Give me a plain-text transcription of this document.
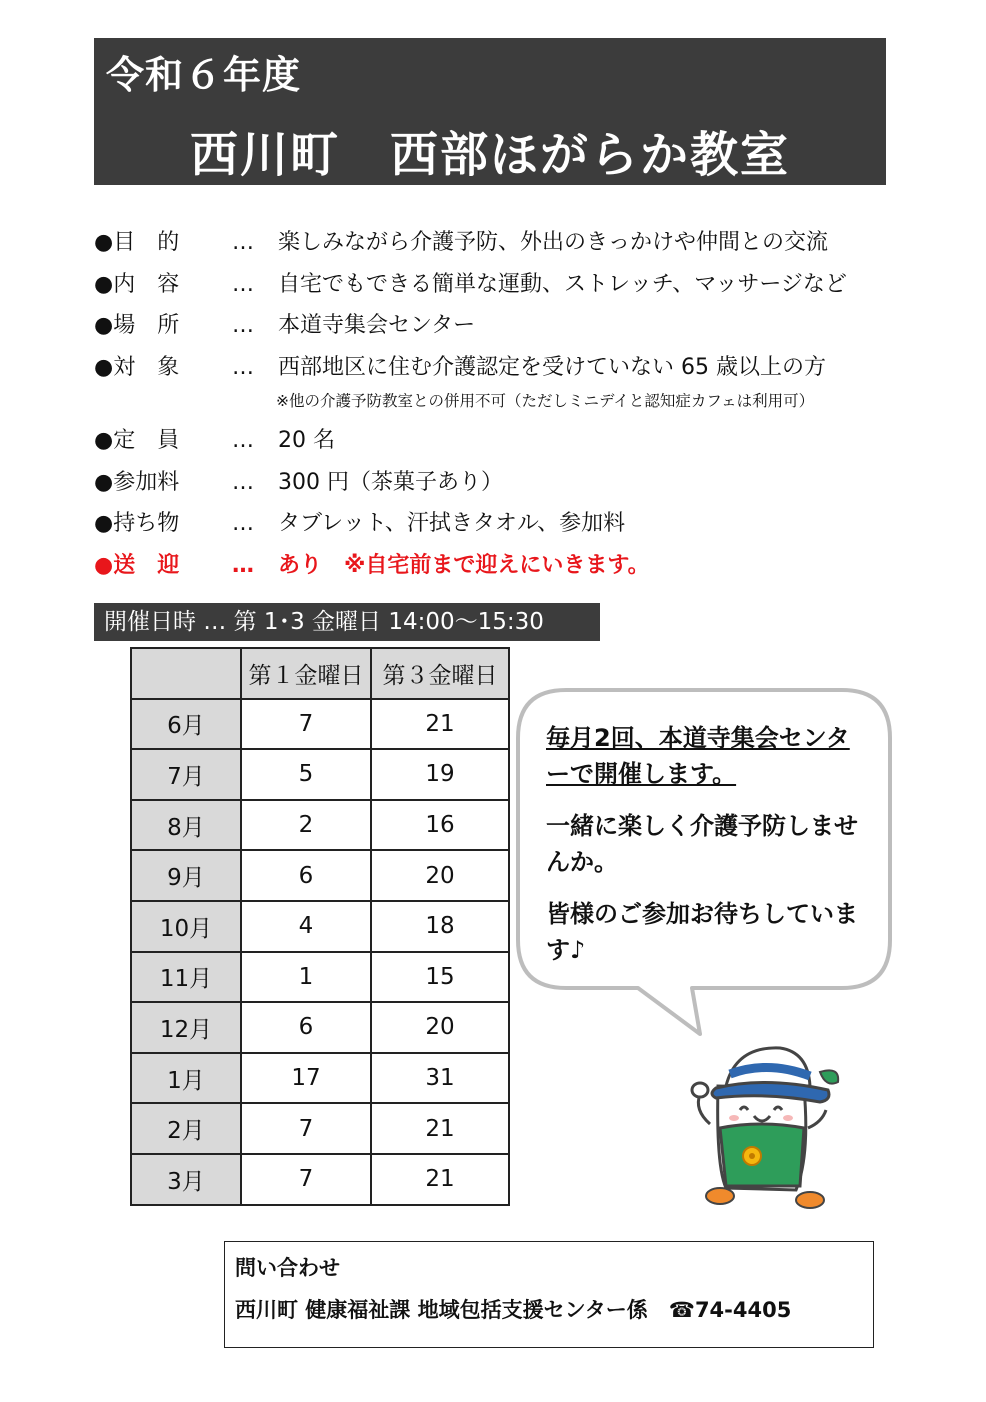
令和６年度
西川町　西部ほがらか教室
●目　的 … 楽しみながら介護予防、外出のきっかけや仲間との交流
●内　容 … 自宅でもできる簡単な運動、ストレッチ、マッサージなど
●場　所 … 本道寺集会センター
●対　象 … 西部地区に住む介護認定を受けていない 65 歳以上の方
※他の介護予防教室との併用不可（ただしミニデイと認知症カフェは利用可）
●定　員 … 20 名
●参加料 … 300 円（茶菓子あり）
●持ち物 … タブレット、汗拭きタオル、参加料
●送　迎 … あり　※自宅前まで迎えにいきます。
開催日時 … 第 1･3 金曜日 14:00～15:30
	第１金曜日	第３金曜日
6月	7	21
7月	5	19
8月	2	16
9月	6	20
10月	4	18
11月	1	15
12月	6	20
1月	17	31
2月	7	21
3月	7	21

毎月2回、本道寺集会センターで開催します。

一緒に楽しく介護予防しませんか。

皆様のご参加お待ちしています♪

問い合わせ
西川町 健康福祉課 地域包括支援センター係　☎74-4405
